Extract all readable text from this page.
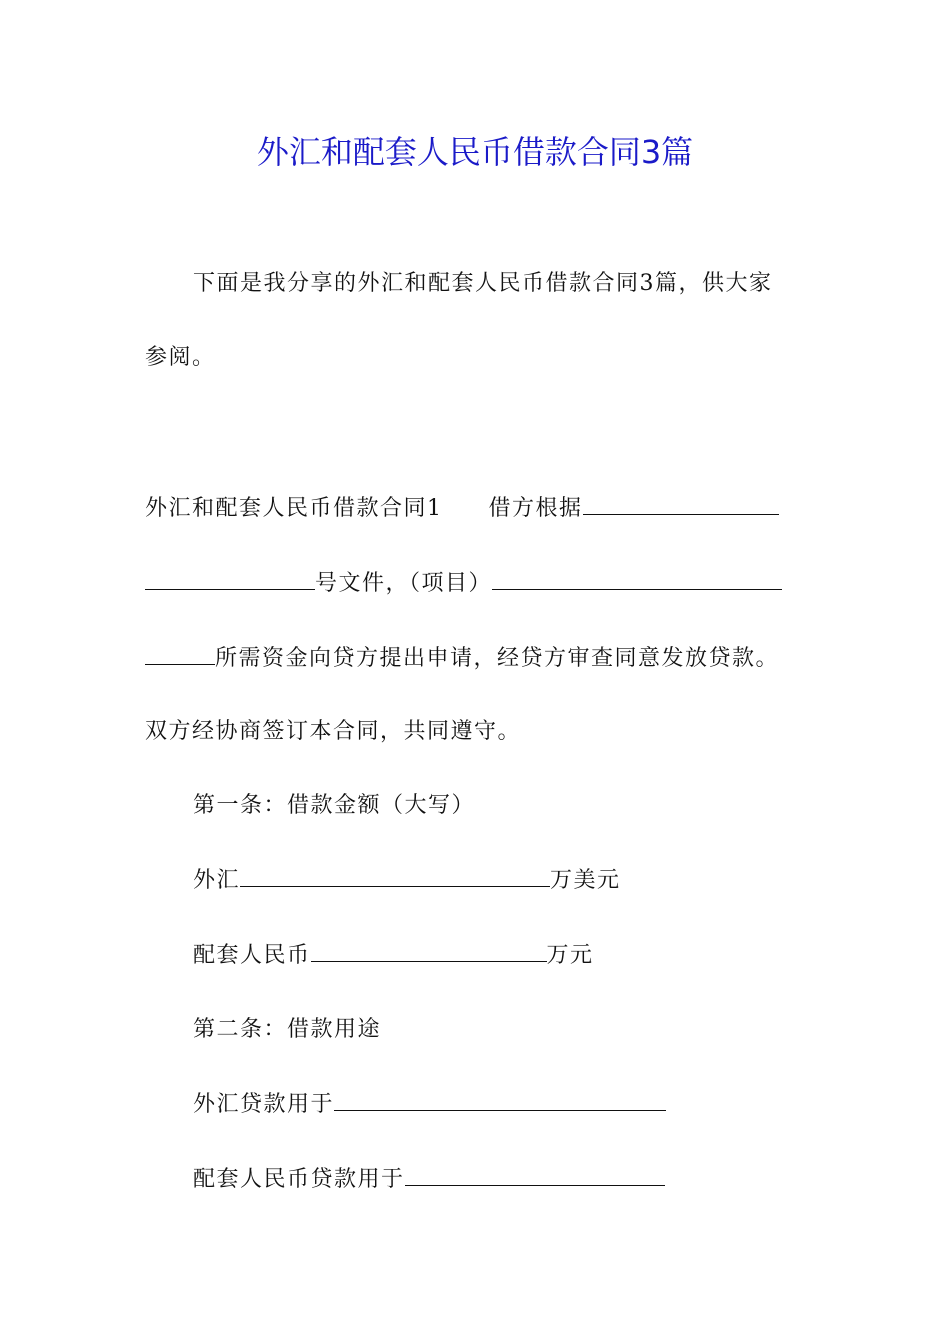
外汇和配套人民币借款合同3篇
下面是我分享的外汇和配套人民币借款合同3篇，供大家
参阅。
外汇和配套人民币借款合同1 借方根据
号文件，（项目）
所需资金向贷方提出申请，经贷方审查同意发放贷款。
双方经协商签订本合同，共同遵守。
第一条：借款金额（大写）
外汇	万美元
配套人民币	万元
第二条：借款用途
外汇贷款用于
配套人民币贷款用于
